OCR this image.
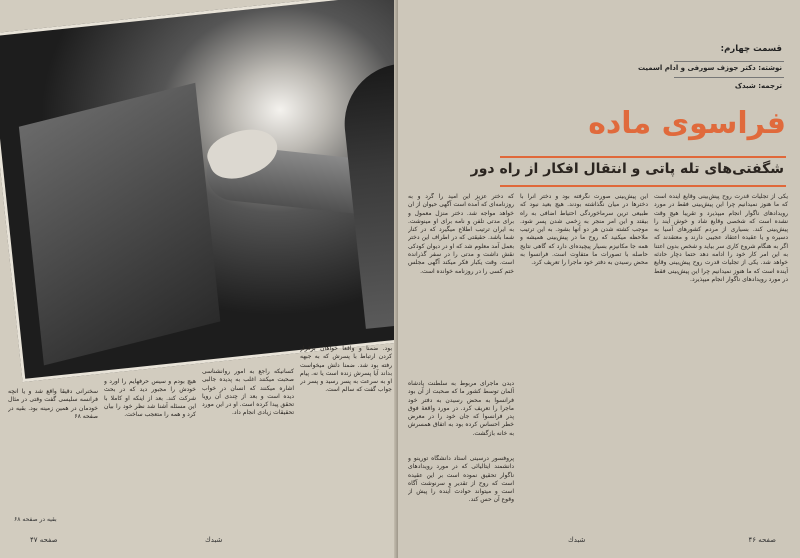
بود. ضمنا و واقعا خواهان برقرار کردن ارتباط با پسرش که به جبهه رفته بود شد. ضمنا دلش میخواست بداند آیا پسرش زنده است یا نه. پیام او به سرعت به پسر رسید و پسر در جواب گفت که سالم است.
کسانیکه راجع به امور روانشناسی صحبت میکنند اغلب به پدیده جالبی اشاره میکنند که انسان در خواب دیده است و بعد از چندی آن رویا تحقق پیدا کرده است. او در این مورد تحقیقات زیادی انجام داد.
هیچ بودم و سیس حرفهایم را آورد و خودش را مجبور دید که در بحث شرکت کند. بعد از اینکه او کاملا با این مسئله آشنا شد نظر خود را بیان کرد و همه را متعجب ساخت.
سخنرانی دقیقا واقع شد و یا آنچه فرانسه سلیسی گفت وقتی در مثال خودمان در همین زمینه بود. بقیه در صفحه ۶۸
بقیه در صفحه ۶۸
صفحه ۴۷	شبدك
قسمت چهارم:
نوشته: دکتر جوزف سورفی و ادام اسمیت
ترجمه: شبدک
فراسوی ماده
شگفتی‌های تله پاتی و انتقال افکار از راه دور
یکی از تجلیات قدرت روح پیش‌بینی وقایع آینده است که ما هنوز نمیدانیم چرا این پیش‌بینی فقط در مورد رویدادهای ناگوار انجام میپذیرد و تقریبا هیچ وقت نشده است که شخصی وقایع شاد و خوش آیند را پیش‌بینی کند. بسیاری از مردم کشورهای آسیا به دسیره و یا عقیده اعتقاد عجیبی دارند و معتقدند که اگر به هنگام شروع کاری سر بیاید و شخص بدون اعتنا به این امر کار خود را ادامه دهد حتما دچار حادثه خواهد شد. یکی از تجلیات قدرت روح پیش‌بینی وقایع آینده است که ما هنوز نمیدانیم چرا این پیش‌بینی فقط در مورد رویدادهای ناگوار انجام میپذیرد.
این پیش‌بینی صورت نگرفته بود و دختر انرا با دخترها در میان نگذاشته بودند. هیچ بعید نبود که طبیعی ترین سرماخوردگی احتیاط اضافی به راه بیفتد و این امر منجر به زخمی شدن پسر شود. موجب کشته شدن هر دو آنها بشود. به این ترتیب ملاحظه میکنید که روح ما در پیش‌بینی همیشه و همه جا مکانیزم بسیار پیچیده‌ای دارد که گاهی نتایج حاصله با تصورات ما متفاوت است. فرانسوا به محض رسیدن به دفتر خود ماجرا را تعریف کرد.
که دختر عزیز این امید را گرد و به روزنامه‌ای که آمده است آگهی حیوان از ان خواهد مواجه شد. دختر منزل معمول و برای مدتی تلفن و نامه برای او مینوشت. به ایران ترتیب اطلاع میگیرد که در کنار شما باشد. حقیقتی که در اطراف این دختر بعمل آمد معلوم شد که او در دیوان کودکی نقش داشت و مدتی را در سفر گذرانده است. وقت یکبار فکر میکند آگهی مجلس ختم کسی را در روزنامه خوانده است.
دیدن ماجرای مربوط به سلطنت پادشاه آلمان توسط کشور ما که صحبت از آن بود فرانسوا به محض رسیدن به دفتر خود ماجرا را تعریف کرد. در مورد واقعهٔ فوق پدر فرانسوا که جان خود را در معرض خطر احساس کرده بود به اتفاق همسرش به خانه بازگشت.
پروفسور درسینی استاد دانشگاه تورینو و دانشمند ایتالیائی که در مورد رویدادهای ناگوار تحقیق نموده است بر این عقیده است که روح از تقدیر و سرنوشت آگاه است و میتواند حوادث آینده را پیش از وقوع آن حس کند.
صفحه ۴۶
شبدك
